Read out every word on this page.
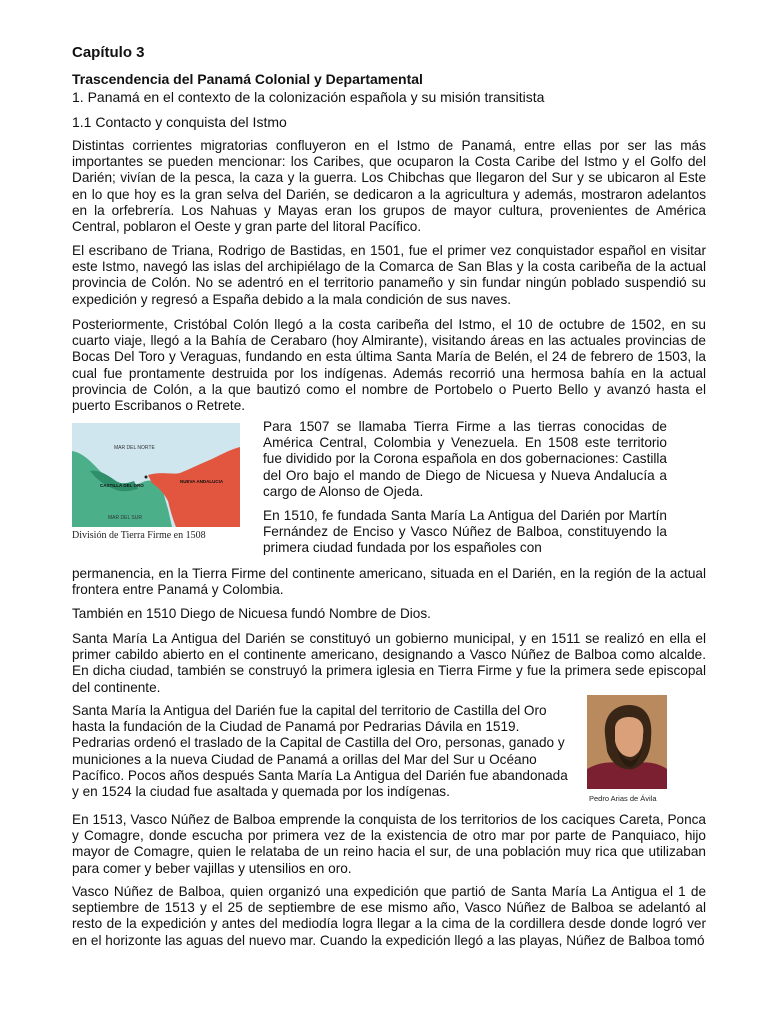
Capítulo 3
Trascendencia del Panamá Colonial y Departamental
1. Panamá en el contexto de la colonización española y su misión transitista
1.1 Contacto y conquista del Istmo

Distintas corrientes migratorias confluyeron en el Istmo de Panamá, entre ellas por ser las más importantes se pueden mencionar: los Caribes, que ocuparon la Costa Caribe del Istmo y el Golfo del Darién; vivían de la pesca, la caza y la guerra. Los Chibchas que llegaron del Sur y se ubicaron al Este en lo que hoy es la gran selva del Darién, se dedicaron a la agricultura y además, mostraron adelantos en la orfebrería. Los Nahuas y Mayas eran los grupos de mayor cultura, provenientes de América Central, poblaron el Oeste y gran parte del litoral Pacífico.

El escribano de Triana, Rodrigo de Bastidas, en 1501, fue el primer vez conquistador español en visitar este Istmo, navegó las islas del archipiélago de la Comarca de San Blas y la costa caribeña de la actual provincia de Colón. No se adentró en el territorio panameño y sin fundar ningún poblado suspendió su expedición y regresó a España debido a la mala condición de sus naves.

Posteriormente, Cristóbal Colón llegó a la costa caribeña del Istmo, el 10 de octubre de 1502, en su cuarto viaje, llegó a la Bahía de Cerabaro (hoy Almirante), visitando áreas en las actuales provincias de Bocas Del Toro y Veraguas, fundando en esta última Santa María de Belén, el 24 de febrero de 1503, la cual fue prontamente destruida por los indígenas. Además recorrió una hermosa bahía en la actual provincia de Colón, a la que bautizó como el nombre de Portobelo o Puerto Bello y avanzó hasta el puerto Escribanos o Retrete.

MAR DEL NORTE
MAR DEL SUR
CASTILLA DEL ORO
NUEVA ANDALUCIA
División de Tierra Firme en 1508

Para 1507 se llamaba Tierra Firme a las tierras conocidas de América Central, Colombia y Venezuela. En 1508 este territorio fue dividido por la Corona española en dos gobernaciones: Castilla del Oro bajo el mando de Diego de Nicuesa y Nueva Andalucía a cargo de Alonso de Ojeda.

En 1510, fe fundada Santa María La Antigua del Darién por Martín Fernández de Enciso y Vasco Núñez de Balboa, constituyendo la primera ciudad fundada por los españoles con

permanencia, en la Tierra Firme del continente americano, situada en el Darién, en la región de la actual frontera entre Panamá y Colombia.

También en 1510 Diego de Nicuesa fundó Nombre de Dios.

Santa María La Antigua del Darién se constituyó un gobierno municipal, y en 1511 se realizó en ella el primer cabildo abierto en el continente americano, designando a Vasco Núñez de Balboa como alcalde. En dicha ciudad, también se construyó la primera iglesia en Tierra Firme y fue la primera sede episcopal del continente.

Santa María la Antigua del Darién fue la capital del territorio de Castilla del Oro hasta la fundación de la Ciudad de Panamá por Pedrarias Dávila en 1519. Pedrarias ordenó el traslado de la Capital de Castilla del Oro, personas, ganado y municiones a la nueva Ciudad de Panamá a orillas del Mar del Sur u Océano Pacífico. Pocos años después Santa María La Antigua del Darién fue abandonada y en 1524 la ciudad fue asaltada y quemada por los indígenas.	Pedro Arias de Ávila

En 1513, Vasco Núñez de Balboa emprende la conquista de los territorios de los caciques Careta, Ponca y Comagre, donde escucha por primera vez de la existencia de otro mar por parte de Panquiaco, hijo mayor de Comagre, quien le relataba de un reino hacia el sur, de una población muy rica que utilizaban para comer y beber vajillas y utensilios en oro.

Vasco Núñez de Balboa, quien organizó una expedición que partió de Santa María La Antigua el 1 de septiembre de 1513 y el 25 de septiembre de ese mismo año, Vasco Núñez de Balboa se adelantó al resto de la expedición y antes del mediodía logra llegar a la cima de la cordillera desde donde logró ver en el horizonte las aguas del nuevo mar. Cuando la expedición llegó a las playas, Núñez de Balboa tomó
